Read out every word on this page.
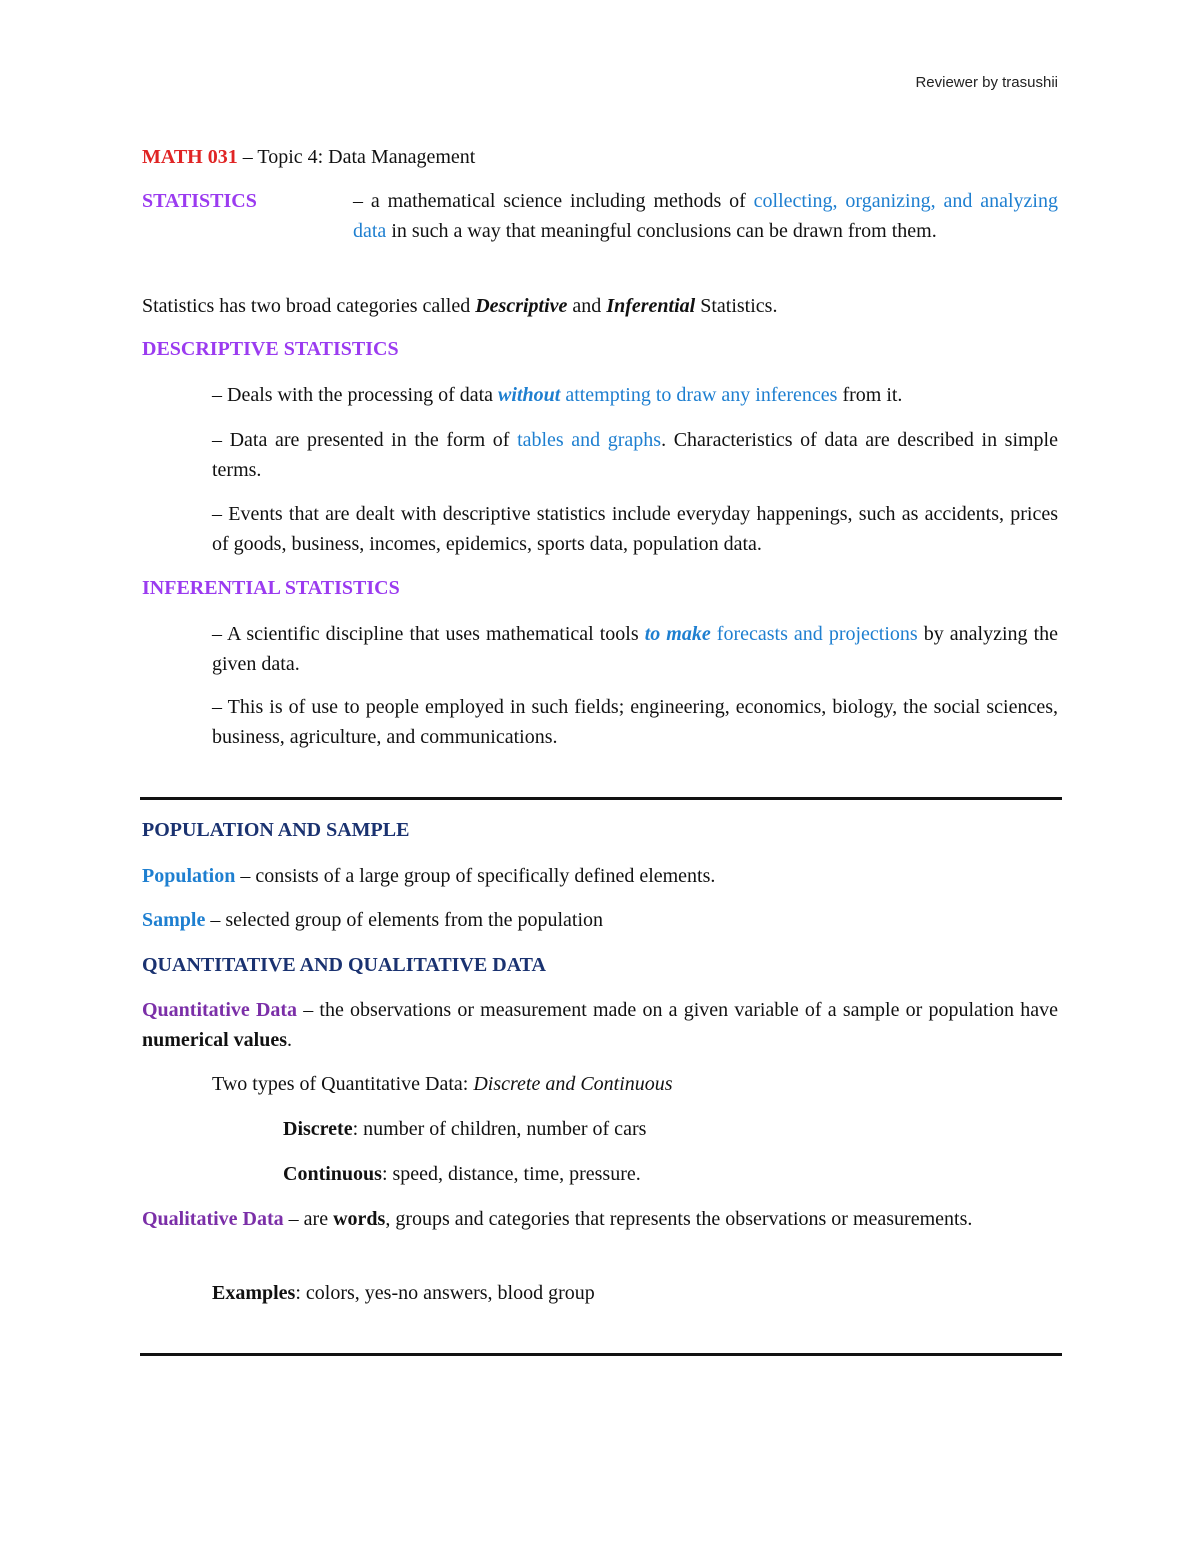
Reviewer by trasushii
MATH 031 – Topic 4: Data Management
STATISTICS	– a mathematical science including methods of collecting, organizing, and analyzing data in such a way that meaningful conclusions can be drawn from them.
Statistics has two broad categories called Descriptive and Inferential Statistics.
DESCRIPTIVE STATISTICS
– Deals with the processing of data without attempting to draw any inferences from it.
– Data are presented in the form of tables and graphs. Characteristics of data are described in simple terms.
– Events that are dealt with descriptive statistics include everyday happenings, such as accidents, prices of goods, business, incomes, epidemics, sports data, population data.
INFERENTIAL STATISTICS
– A scientific discipline that uses mathematical tools to make forecasts and projections by analyzing the given data.
– This is of use to people employed in such fields; engineering, economics, biology, the social sciences, business, agriculture, and communications.
POPULATION AND SAMPLE
Population – consists of a large group of specifically defined elements.
Sample – selected group of elements from the population
QUANTITATIVE AND QUALITATIVE DATA
Quantitative Data – the observations or measurement made on a given variable of a sample or population have numerical values.
Two types of Quantitative Data: Discrete and Continuous
Discrete: number of children, number of cars
Continuous: speed, distance, time, pressure.
Qualitative Data – are words, groups and categories that represents the observations or measurements.
Examples: colors, yes-no answers, blood group
